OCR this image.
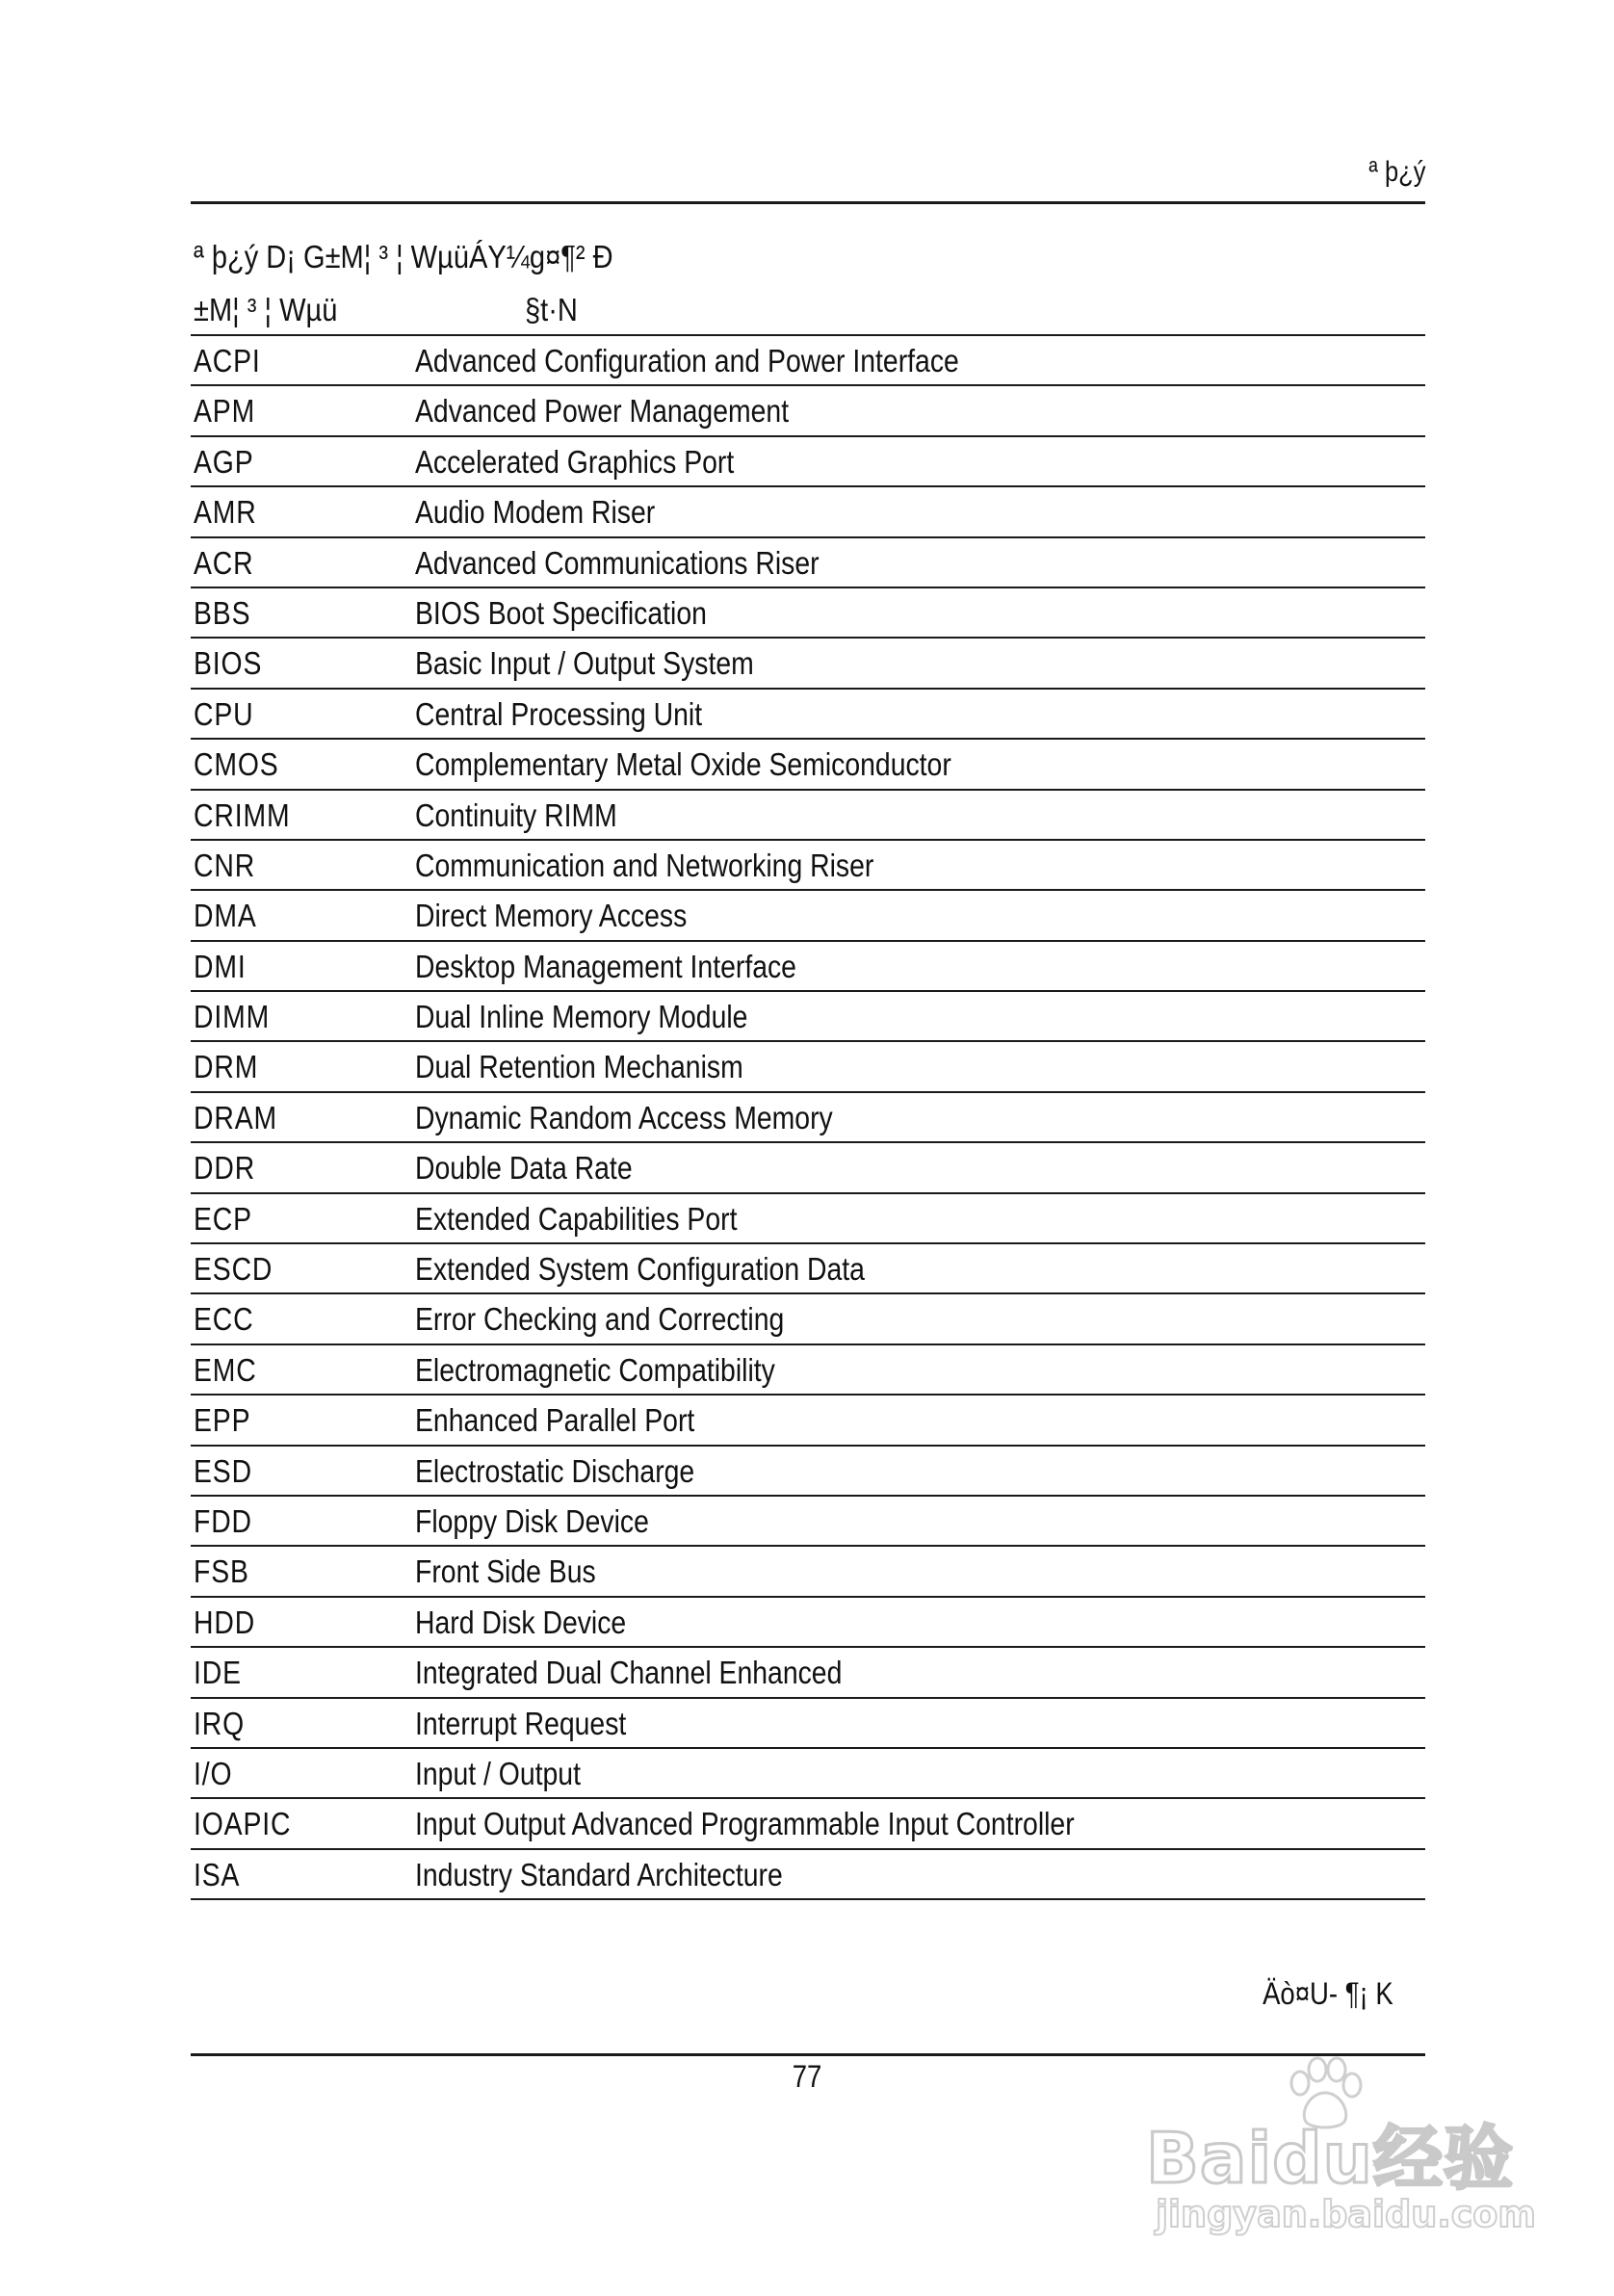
ª þ¿ý
ª þ¿ý D¡ G±M¦ ³ ¦ WµüÁY¼g¤¶² Ð
±M¦ ³ ¦ Wµü	§t·N
ACPI	Advanced Configuration and Power Interface
APM	Advanced Power Management
AGP	Accelerated Graphics Port
AMR	Audio Modem Riser
ACR	Advanced Communications Riser
BBS	BIOS Boot Specification
BIOS	Basic Input / Output System
CPU	Central Processing Unit
CMOS	Complementary Metal Oxide Semiconductor
CRIMM	Continuity RIMM
CNR	Communication and Networking Riser
DMA	Direct Memory Access
DMI	Desktop Management Interface
DIMM	Dual Inline Memory Module
DRM	Dual Retention Mechanism
DRAM	Dynamic Random Access Memory
DDR	Double Data Rate
ECP	Extended Capabilities Port
ESCD	Extended System Configuration Data
ECC	Error Checking and Correcting
EMC	Electromagnetic Compatibility
EPP	Enhanced Parallel Port
ESD	Electrostatic Discharge
FDD	Floppy Disk Device
FSB	Front Side Bus
HDD	Hard Disk Device
IDE	Integrated Dual Channel Enhanced
IRQ	Interrupt Request
I/O	Input / Output
IOAPIC	Input Output Advanced Programmable Input Controller
ISA	Industry Standard Architecture
Äò¤U- ¶¡ K
77
Baidu经验
jingyan.baidu.com
